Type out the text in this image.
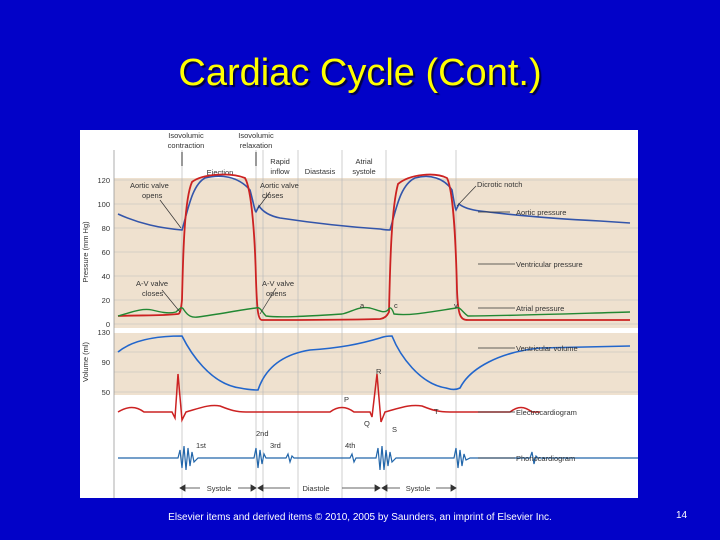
Cardiac Cycle (Cont.)
Isovolumic
contraction
Isovolumic
relaxation
Ejection
Rapid
inflow Diastasis
Atrial
systole
Pressure (mm Hg)
120
100
80
60
40
20
0
Volume (ml)
130
90
50
Aortic valve
opens
Aortic valve
closes
A-V valve
closes
A-V valve
opens
Dicrotic notch
a	c	v
P
Q
R
S
T
1st
2nd
3rd	4th
Aortic pressure
Ventricular pressure
Atrial pressure
Ventricular volume
Electrocardiogram
Phonocardiogram
Systole	Diastole	Systole
Elsevier items and derived items © 2010, 2005 by Saunders, an imprint of Elsevier Inc.	14
